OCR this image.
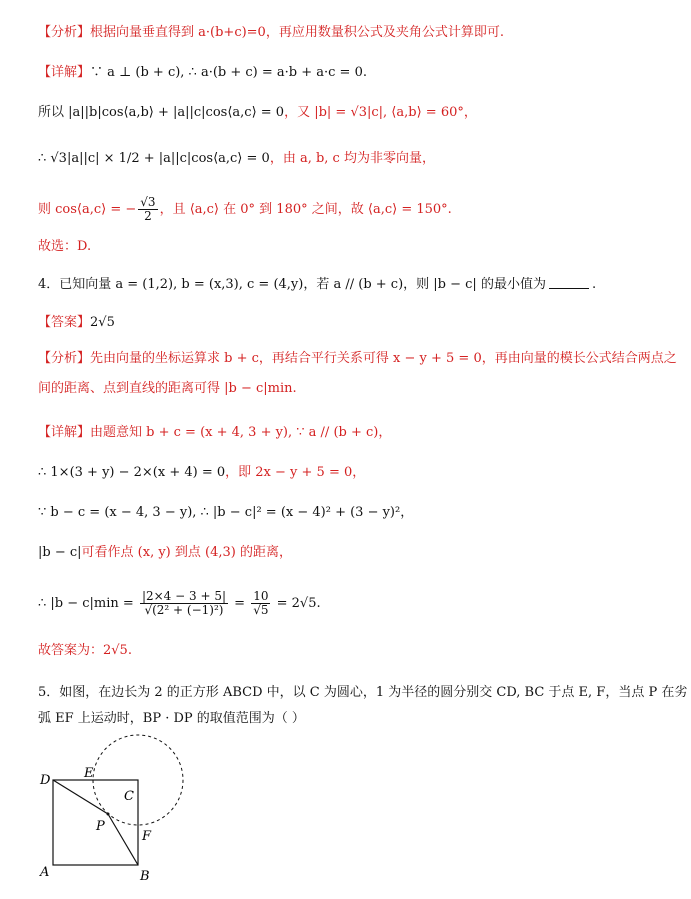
【分析】根据向量垂直得到 a·(b+c)=0，再应用数量积公式及夹角公式计算即可.
【详解】∵ a ⊥ (b + c), ∴ a·(b + c) = a·b + a·c = 0.
所以 |a||b|cos⟨a,b⟩ + |a||c|cos⟨a,c⟩ = 0，又 |b| = √3|c|, ⟨a,b⟩ = 60°，
∴ √3|a||c| × 1/2 + |a||c|cos⟨a,c⟩ = 0，由 a, b, c 均为非零向量，
则 cos⟨a,c⟩ = − $\frac{√3}{2}$ ，且 ⟨a,c⟩ 在 0° 到 180° 之间，故 ⟨a,c⟩ = 150°.
故选：D.
4．已知向量 a = (1,2), b = (x,3), c = (4,y)，若 a // (b + c)，则 |b − c| 的最小值为	.
【答案】2√5
【分析】先由向量的坐标运算求 b + c，再结合平行关系可得 x − y + 5 = 0，再由向量的模长公式结合两点之
间的距离、点到直线的距离可得 |b − c|min.
【详解】由题意知 b + c = (x + 4, 3 + y), ∵ a // (b + c)，
∴ 1×(3 + y) − 2×(x + 4) = 0，即 2x − y + 5 = 0，
∵ b − c = (x − 4, 3 − y), ∴ |b − c|² = (x − 4)² + (3 − y)²，
|b − c|可看作点 (x, y) 到点 (4,3) 的距离，
∴ $|b - c|\min = \frac{|2\times 4 - 3 + 5|}{\text{√(2² + (−1)²)}} = \frac{10}{√5} = 2√5$.
故答案为：2√5.
5．如图，在边长为 2 的正方形 ABCD 中，以 C 为圆心，1 为半径的圆分别交 CD, BC 于点 E, F，当点 P 在劣
弧 EF 上运动时，BP · DP 的取值范围为（ ）
D	E
C
P
F
A	B
